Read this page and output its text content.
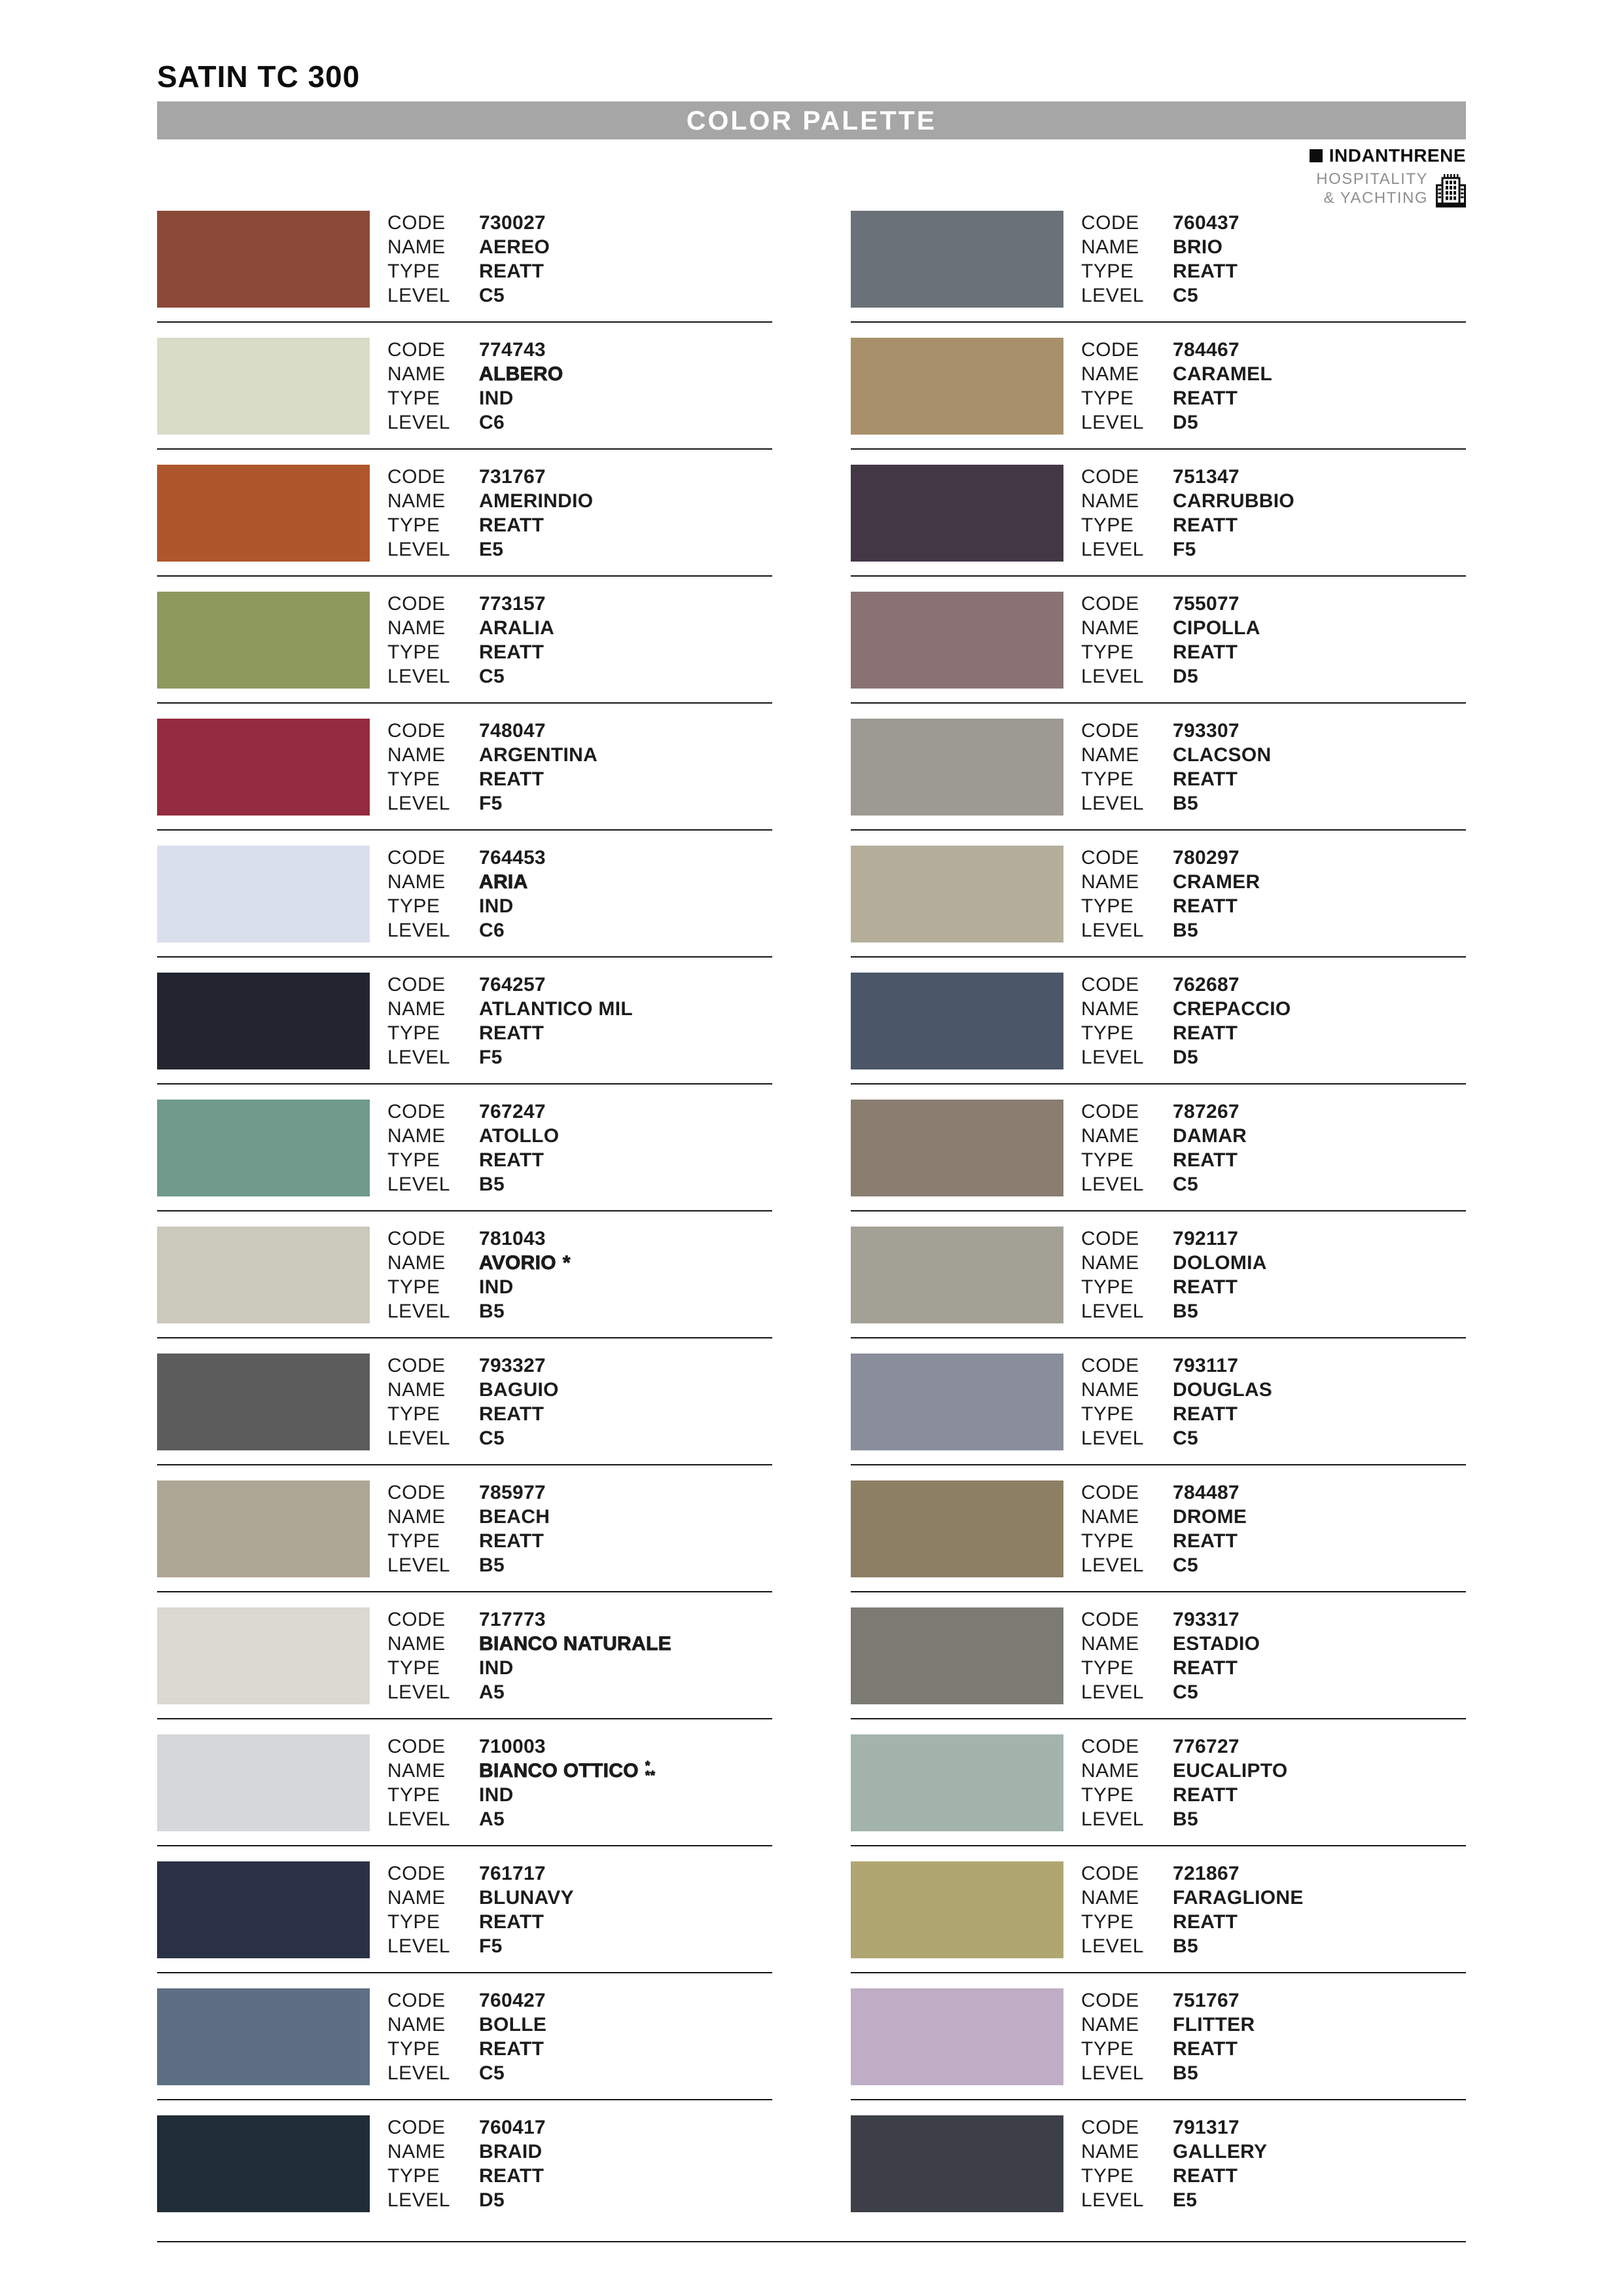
SATIN TC 300
COLOR PALETTE
INDANTHRENE
HOSPITALITY
& YACHTING
CODE	730027
NAME	AEREO
TYPE	REATT
LEVEL	C5
CODE	774743
NAME	ALBERO
TYPE	IND
LEVEL	C6
CODE	731767
NAME	AMERINDIO
TYPE	REATT
LEVEL	E5
CODE	773157
NAME	ARALIA
TYPE	REATT
LEVEL	C5
CODE	748047
NAME	ARGENTINA
TYPE	REATT
LEVEL	F5
CODE	764453
NAME	ARIA
TYPE	IND
LEVEL	C6
CODE	764257
NAME	ATLANTICO MIL
TYPE	REATT
LEVEL	F5
CODE	767247
NAME	ATOLLO
TYPE	REATT
LEVEL	B5
CODE	781043
NAME	AVORIO *
TYPE	IND
LEVEL	B5
CODE	793327
NAME	BAGUIO
TYPE	REATT
LEVEL	C5
CODE	785977
NAME	BEACH
TYPE	REATT
LEVEL	B5
CODE	717773
NAME	BIANCO NATURALE
TYPE	IND
LEVEL	A5
CODE	710003
NAME	BIANCO OTTICO *
**
TYPE	IND
LEVEL	A5
CODE	761717
NAME	BLUNAVY
TYPE	REATT
LEVEL	F5
CODE	760427
NAME	BOLLE
TYPE	REATT
LEVEL	C5
CODE	760417
NAME	BRAID
TYPE	REATT
LEVEL	D5
CODE	760437
NAME	BRIO
TYPE	REATT
LEVEL	C5
CODE	784467
NAME	CARAMEL
TYPE	REATT
LEVEL	D5
CODE	751347
NAME	CARRUBBIO
TYPE	REATT
LEVEL	F5
CODE	755077
NAME	CIPOLLA
TYPE	REATT
LEVEL	D5
CODE	793307
NAME	CLACSON
TYPE	REATT
LEVEL	B5
CODE	780297
NAME	CRAMER
TYPE	REATT
LEVEL	B5
CODE	762687
NAME	CREPACCIO
TYPE	REATT
LEVEL	D5
CODE	787267
NAME	DAMAR
TYPE	REATT
LEVEL	C5
CODE	792117
NAME	DOLOMIA
TYPE	REATT
LEVEL	B5
CODE	793117
NAME	DOUGLAS
TYPE	REATT
LEVEL	C5
CODE	784487
NAME	DROME
TYPE	REATT
LEVEL	C5
CODE	793317
NAME	ESTADIO
TYPE	REATT
LEVEL	C5
CODE	776727
NAME	EUCALIPTO
TYPE	REATT
LEVEL	B5
CODE	721867
NAME	FARAGLIONE
TYPE	REATT
LEVEL	B5
CODE	751767
NAME	FLITTER
TYPE	REATT
LEVEL	B5
CODE	791317
NAME	GALLERY
TYPE	REATT
LEVEL	E5
